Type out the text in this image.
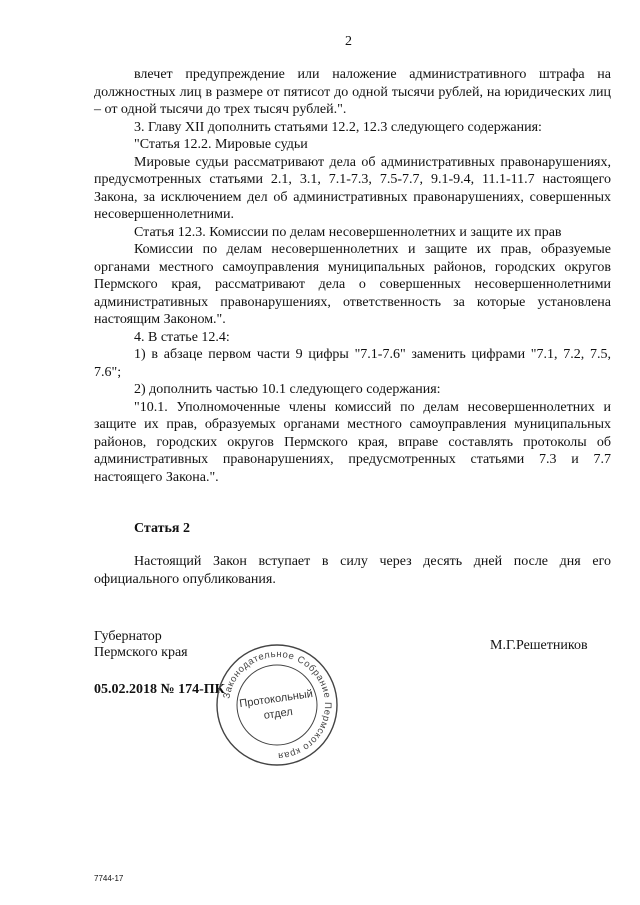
2

влечет предупреждение или наложение административного штрафа на должностных лиц в размере от пятисот до одной тысячи рублей, на юридических лиц – от одной тысячи до трех тысяч рублей.".

3. Главу XII дополнить статьями 12.2, 12.3 следующего содержания:

"Статья 12.2. Мировые судьи

Мировые судьи рассматривают дела об административных правонарушениях, предусмотренных статьями 2.1, 3.1, 7.1-7.3, 7.5-7.7, 9.1-9.4, 11.1-11.7 настоящего Закона, за исключением дел об административных правонарушениях, совершенных несовершеннолетними.

Статья 12.3. Комиссии по делам несовершеннолетних и защите их прав

Комиссии по делам несовершеннолетних и защите их прав, образуемые органами местного самоуправления муниципальных районов, городских округов Пермского края, рассматривают дела о совершенных несовершеннолетними административных правонарушениях, ответственность за которые установлена настоящим Законом.".

4. В статье 12.4:

1) в абзаце первом части 9 цифры "7.1-7.6" заменить цифрами "7.1, 7.2, 7.5, 7.6";

2) дополнить частью 10.1 следующего содержания:

"10.1. Уполномоченные члены комиссий по делам несовершеннолетних и защите их прав, образуемых органами местного самоуправления муниципальных районов, городских округов Пермского края, вправе составлять протоколы об административных правонарушениях, предусмотренных статьями 7.3 и 7.7 настоящего Закона.".

Статья 2

Настоящий Закон вступает в силу через десять дней после дня его официального опубликования.

Губернатор
Пермского края	М.Г.Решетников
05.02.2018 № 174-ПК
Законодательное Собрание Пермского края
Протокольный
отдел
7744-17
